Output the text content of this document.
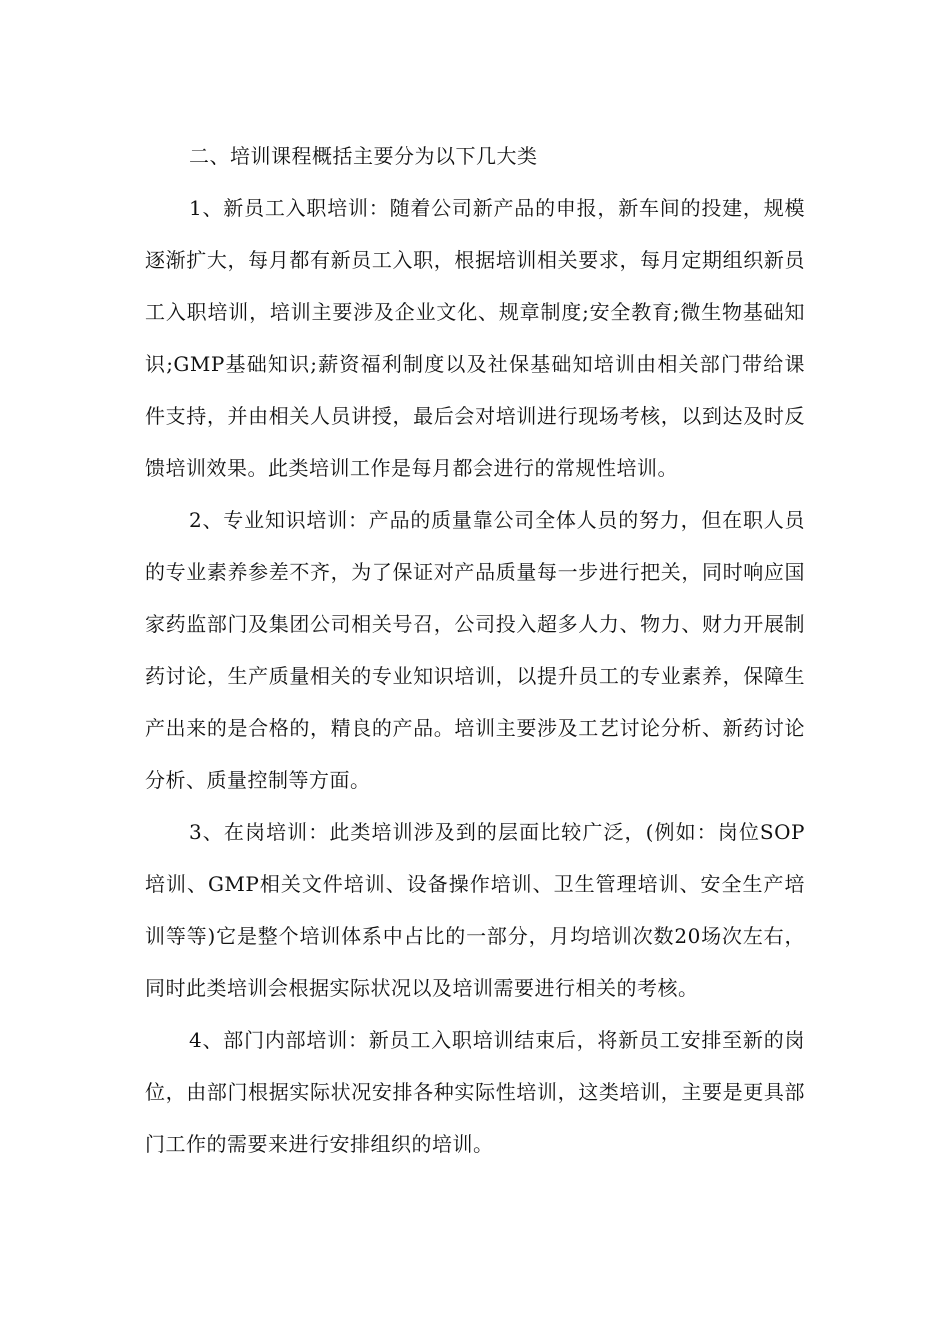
二、培训课程概括主要分为以下几大类

1、新员工入职培训：随着公司新产品的申报，新车间的投建，规模逐渐扩大，每月都有新员工入职，根据培训相关要求，每月定期组织新员工入职培训，培训主要涉及企业文化、规章制度;安全教育;微生物基础知识;GMP基础知识;薪资福利制度以及社保基础知培训由相关部门带给课件支持，并由相关人员讲授，最后会对培训进行现场考核，以到达及时反馈培训效果。此类培训工作是每月都会进行的常规性培训。

2、专业知识培训：产品的质量靠公司全体人员的努力，但在职人员的专业素养参差不齐，为了保证对产品质量每一步进行把关，同时响应国家药监部门及集团公司相关号召，公司投入超多人力、物力、财力开展制药讨论，生产质量相关的专业知识培训，以提升员工的专业素养，保障生产出来的是合格的，精良的产品。培训主要涉及工艺讨论分析、新药讨论分析、质量控制等方面。

3、在岗培训：此类培训涉及到的层面比较广泛，(例如：岗位SOP培训、GMP相关文件培训、设备操作培训、卫生管理培训、安全生产培训等等)它是整个培训体系中占比的一部分，月均培训次数20场次左右，同时此类培训会根据实际状况以及培训需要进行相关的考核。

4、部门内部培训：新员工入职培训结束后，将新员工安排至新的岗位，由部门根据实际状况安排各种实际性培训，这类培训，主要是更具部门工作的需要来进行安排组织的培训。
